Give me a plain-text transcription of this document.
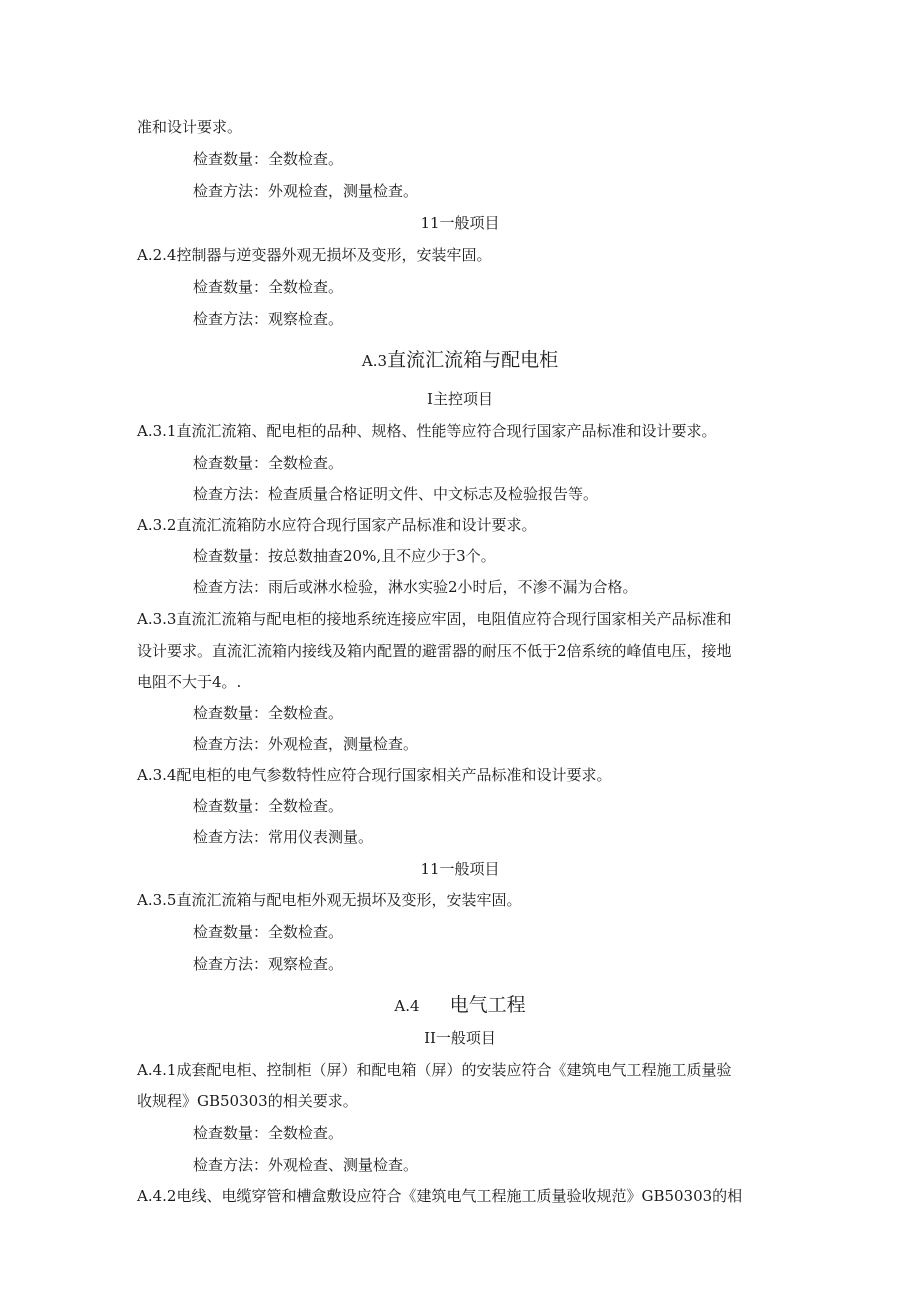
准和设计要求。
检查数量：全数检查。
检查方法：外观检查，测量检查。
11一般项目
A.2.4控制器与逆变器外观无损坏及变形，安装牢固。
检查数量：全数检查。
检查方法：观察检查。
A.3直流汇流箱与配电柜
I主控项目
A.3.1直流汇流箱、配电柜的品种、规格、性能等应符合现行国家产品标准和设计要求。
检查数量：全数检查。
检查方法：检查质量合格证明文件、中文标志及检验报告等。
A.3.2直流汇流箱防水应符合现行国家产品标准和设计要求。
检查数量：按总数抽查20%,且不应少于3个。
检查方法：雨后或淋水检验，淋水实验2小时后，不渗不漏为合格。
A.3.3直流汇流箱与配电柜的接地系统连接应牢固，电阻值应符合现行国家相关产品标准和
设计要求。直流汇流箱内接线及箱内配置的避雷器的耐压不低于2倍系统的峰值电压，接地
电阻不大于4。.
检查数量：全数检查。
检查方法：外观检查，测量检查。
A.3.4配电柜的电气参数特性应符合现行国家相关产品标准和设计要求。
检查数量：全数检查。
检查方法：常用仪表测量。
11一般项目
A.3.5直流汇流箱与配电柜外观无损坏及变形，安装牢固。
检查数量：全数检查。
检查方法：观察检查。
A.4 电气工程
II一般项目
A.4.1成套配电柜、控制柜（屏）和配电箱（屏）的安装应符合《建筑电气工程施工质量验
收规程》GB50303的相关要求。
检查数量：全数检查。
检查方法：外观检查、测量检查。
A.4.2电线、电缆穿管和槽盒敷设应符合《建筑电气工程施工质量验收规范》GB50303的相
